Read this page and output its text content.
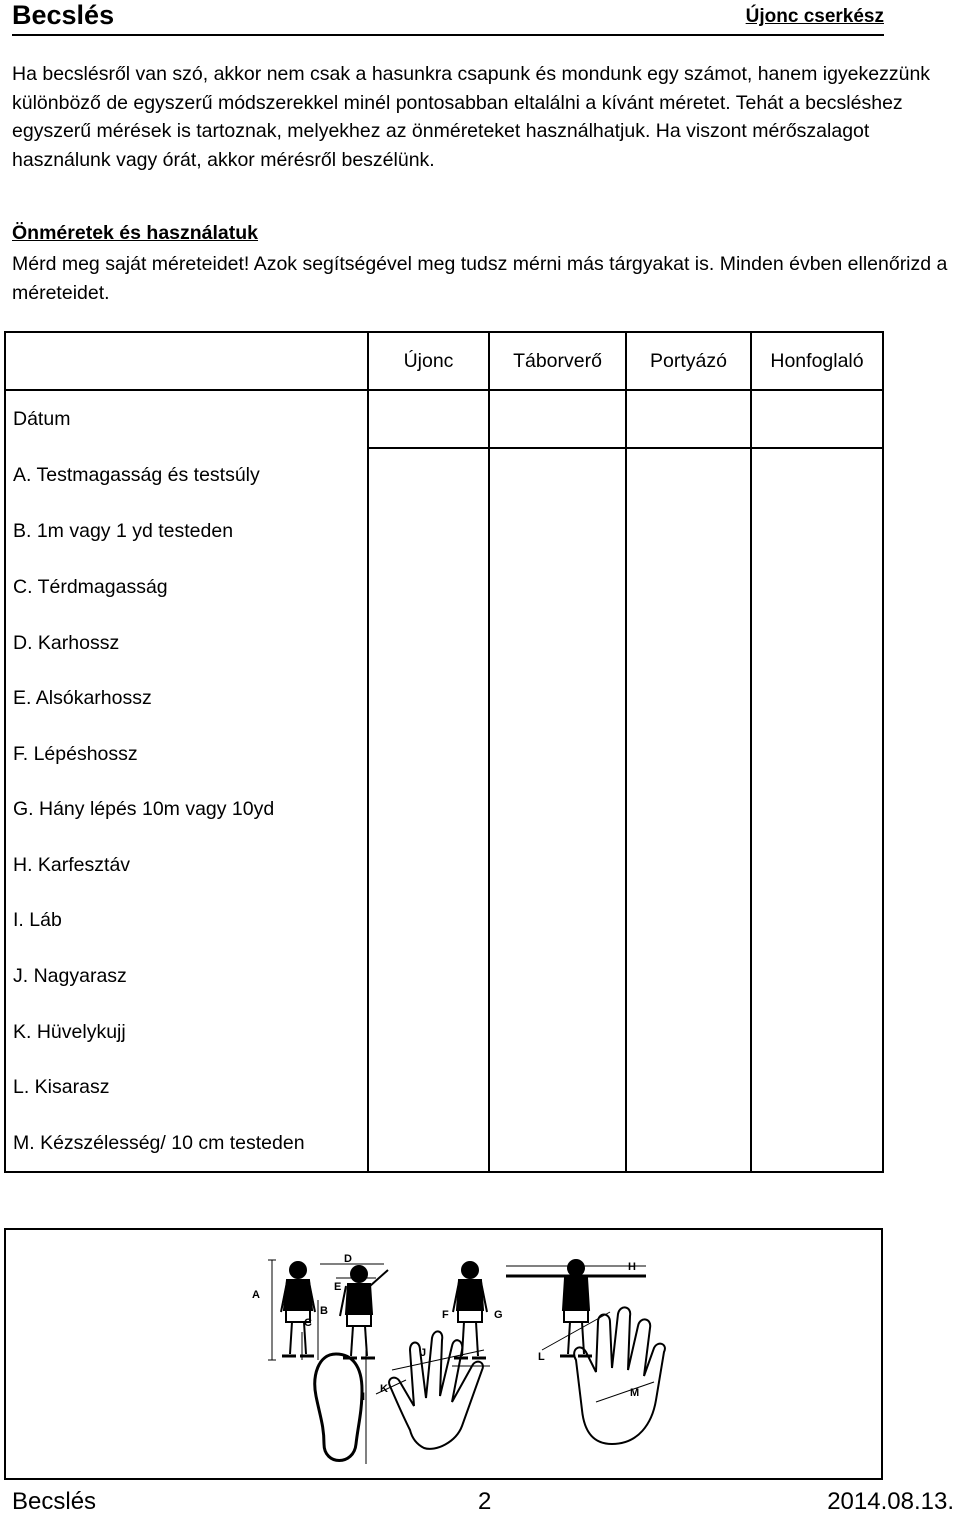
Becslés	Újonc cserkész
Ha becslésről van szó, akkor nem csak a hasunkra csapunk és mondunk egy számot, hanem igyekezzünk különböző de egyszerű módszerekkel minél pontosabban eltalálni a kívánt méretet. Tehát a becsléshez egyszerű mérések is tartoznak, melyekhez az önméreteket használhatjuk. Ha viszont mérőszalagot használunk vagy órát, akkor mérésről beszélünk.
Önméretek és használatuk
Mérd meg saját méreteidet! Azok segítségével meg tudsz mérni más tárgyakat is. Minden évben ellenőrizd a méreteidet.
	Újonc	Táborverő	Portyázó	Honfoglaló
Dátum				
A. Testmagasság és testsúly				
B. 1m vagy 1 yd testeden				
C. Térdmagasság				
D. Karhossz				
E. Alsókarhossz				
F. Lépéshossz				
G. Hány lépés 10m vagy 10yd				
H. Karfesztáv				
I. Láb				
J. Nagyarasz				
K. Hüvelykujj				
L. Kisarasz				
M. Kézszélesség/ 10 cm testeden				
A
B
C
D
E
F	G
H
I
J
K
L
M
Becslés	2	2014.08.13.
